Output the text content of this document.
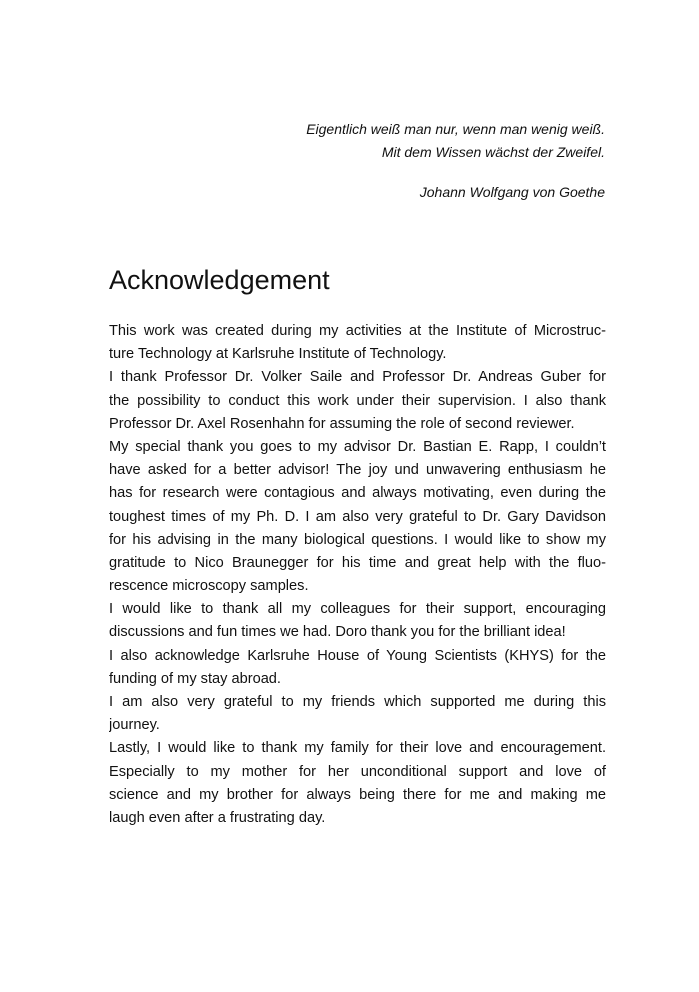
Eigentlich weiß man nur, wenn man wenig weiß.
Mit dem Wissen wächst der Zweifel.
Johann Wolfgang von Goethe
Acknowledgement
This work was created during my activities at the Institute of Microstruc-
ture Technology at Karlsruhe Institute of Technology.
I thank Professor Dr. Volker Saile and Professor Dr. Andreas Guber for
the possibility to conduct this work under their supervision. I also thank
Professor Dr. Axel Rosenhahn for assuming the role of second reviewer.
My special thank you goes to my advisor Dr. Bastian E. Rapp, I couldn’t
have asked for a better advisor! The joy und unwavering enthusiasm he
has for research were contagious and always motivating, even during the
toughest times of my Ph. D. I am also very grateful to Dr. Gary Davidson
for his advising in the many biological questions. I would like to show my
gratitude to Nico Braunegger for his time and great help with the fluo-
rescence microscopy samples.
I would like to thank all my colleagues for their support, encouraging
discussions and fun times we had. Doro thank you for the brilliant idea!
I also acknowledge Karlsruhe House of Young Scientists (KHYS) for the
funding of my stay abroad.
I am also very grateful to my friends which supported me during this
journey.
Lastly, I would like to thank my family for their love and encouragement.
Especially to my mother for her unconditional support and love of
science and my brother for always being there for me and making me
laugh even after a frustrating day.
